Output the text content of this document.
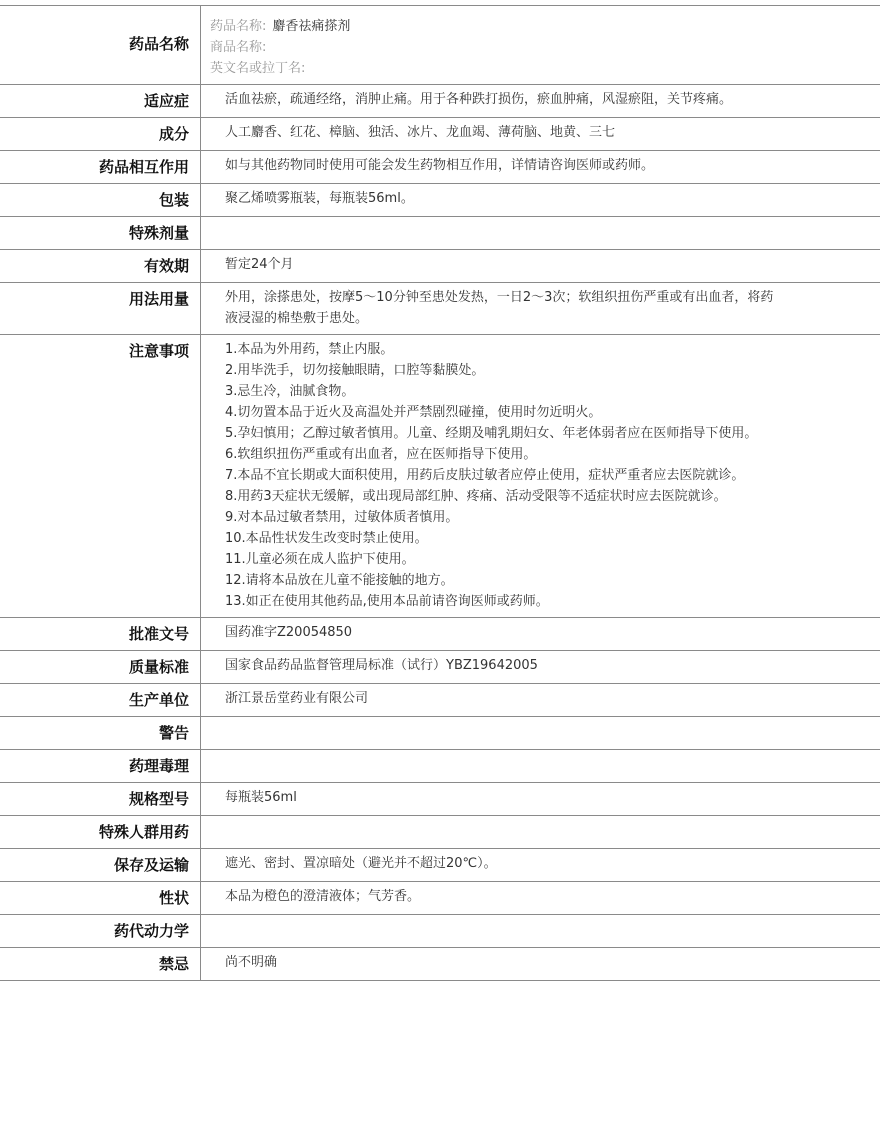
药品名称
药品名称: 麝香祛痛搽剂
商品名称:
英文名或拉丁名:
适应症	活血祛瘀，疏通经络，消肿止痛。用于各种跌打损伤，瘀血肿痛，风湿瘀阻，关节疼痛。
成分	人工麝香、红花、樟脑、独活、冰片、龙血竭、薄荷脑、地黄、三七
药品相互作用	如与其他药物同时使用可能会发生药物相互作用，详情请咨询医师或药师。
包装	聚乙烯喷雾瓶装，每瓶装56ml。
特殊剂量
有效期	暂定24个月
用法用量	外用，涂搽患处，按摩5～10分钟至患处发热，一日2～3次；软组织扭伤严重或有出血者，将药液浸湿的棉垫敷于患处。
注意事项	1.本品为外用药，禁止内服。
2.用毕洗手，切勿接触眼睛，口腔等黏膜处。
3.忌生冷，油腻食物。
4.切勿置本品于近火及高温处并严禁剧烈碰撞，使用时勿近明火。
5.孕妇慎用；乙醇过敏者慎用。儿童、经期及哺乳期妇女、年老体弱者应在医师指导下使用。
6.软组织扭伤严重或有出血者，应在医师指导下使用。
7.本品不宜长期或大面积使用，用药后皮肤过敏者应停止使用，症状严重者应去医院就诊。
8.用药3天症状无缓解，或出现局部红肿、疼痛、活动受限等不适症状时应去医院就诊。
9.对本品过敏者禁用，过敏体质者慎用。
10.本品性状发生改变时禁止使用。
11.儿童必须在成人监护下使用。
12.请将本品放在儿童不能接触的地方。
13.如正在使用其他药品,使用本品前请咨询医师或药师。
批准文号	国药准字Z20054850
质量标准	国家食品药品监督管理局标准（试行）YBZ19642005
生产单位	浙江景岳堂药业有限公司
警告
药理毒理
规格型号	每瓶装56ml
特殊人群用药
保存及运输	遮光、密封、置凉暗处（避光并不超过20℃）。
性状	本品为橙色的澄清液体；气芳香。
药代动力学
禁忌	尚不明确
